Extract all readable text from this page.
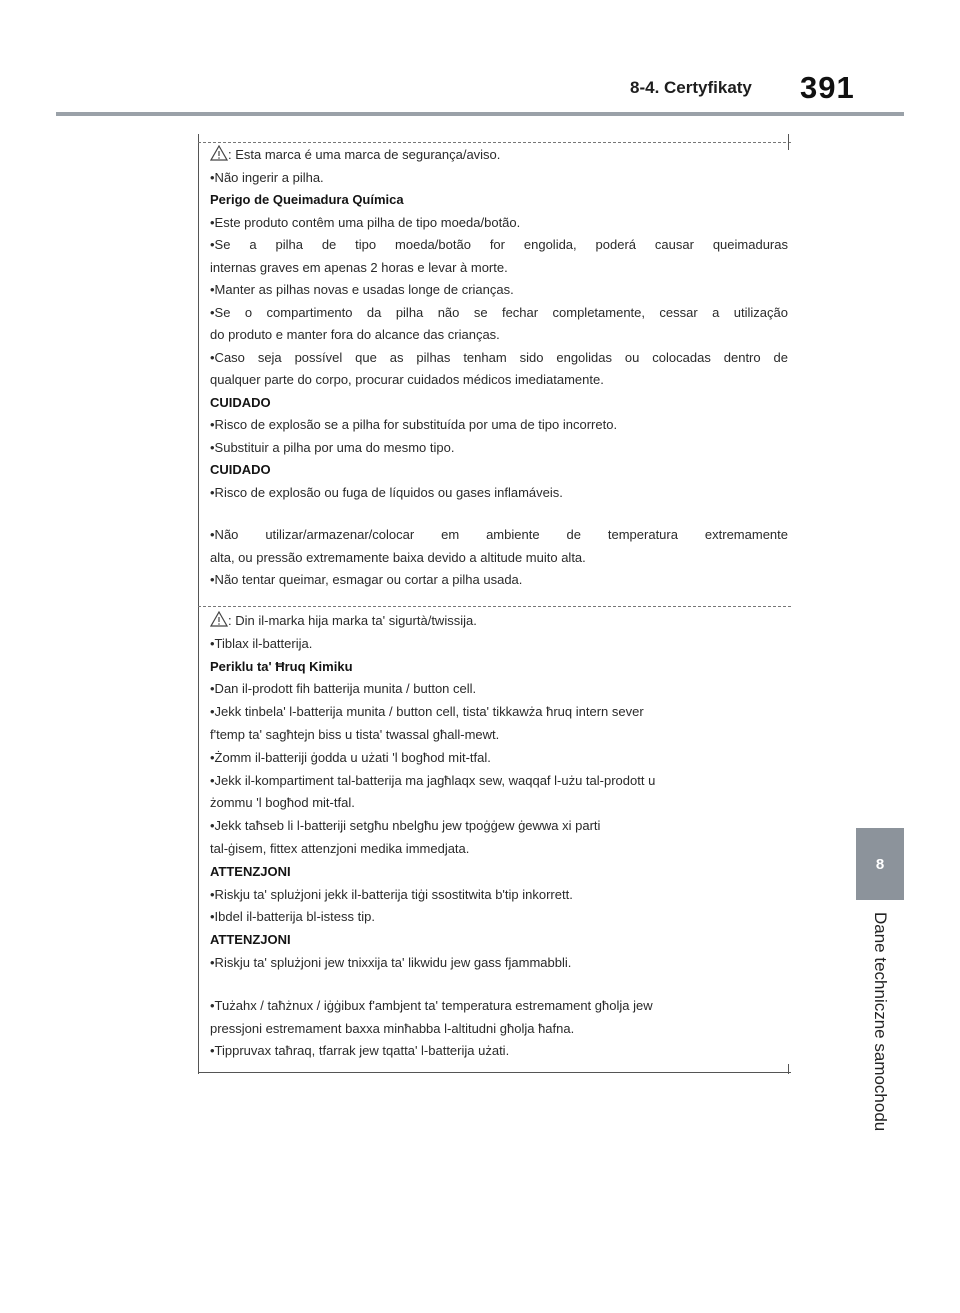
8-4. Certyfikaty 391
8
Dane techniczne samochodu
: Esta marca é uma marca de segurança/aviso.
•Não ingerir a pilha.
Perigo de Queimadura Química
•Este produto contêm uma pilha de tipo moeda/botão.
•Se a pilha de tipo moeda/botão for engolida, poderá causar queimaduras
internas graves em apenas 2 horas e levar à morte.
•Manter as pilhas novas e usadas longe de crianças.
•Se o compartimento da pilha não se fechar completamente, cessar a utilização
do produto e manter fora do alcance das crianças.
•Caso seja possível que as pilhas tenham sido engolidas ou colocadas dentro de
qualquer parte do corpo, procurar cuidados médicos imediatamente.
CUIDADO
•Risco de explosão se a pilha for substituída por uma de tipo incorreto.
•Substituir a pilha por uma do mesmo tipo.
CUIDADO
•Risco de explosão ou fuga de líquidos ou gases inflamáveis.
•Não utilizar/armazenar/colocar em ambiente de temperatura extremamente
alta, ou pressão extremamente baixa devido a altitude muito alta.
•Não tentar queimar, esmagar ou cortar a pilha usada.
: Din il-marka hija marka ta' sigurtà/twissija.
•Tiblax il-batterija.
Periklu ta' Ħruq Kimiku
•Dan il-prodott fih batterija munita / button cell.
•Jekk tinbela' l-batterija munita / button cell, tista' tikkawża ħruq intern sever
f'temp ta' sagħtejn biss u tista' twassal għall-mewt.
•Żomm il-batteriji ġodda u użati 'l bogħod mit-tfal.
•Jekk il-kompartiment tal-batterija ma jagħlaqx sew, waqqaf l-użu tal-prodott u
żommu 'l bogħod mit-tfal.
•Jekk taħseb li l-batteriji setgħu nbelgħu jew tpoġġew ġewwa xi parti
tal-ġisem, fittex attenzjoni medika immedjata.
ATTENZJONI
•Riskju ta' splużjoni jekk il-batterija tiġi ssostitwita b'tip inkorrett.
•Ibdel il-batterija bl-istess tip.
ATTENZJONI
•Riskju ta' splużjoni jew tnixxija ta' likwidu jew gass fjammabbli.
•Tużahx / taħżnux / iġġibux f'ambjent ta' temperatura estremament għolja jew
pressjoni estremament baxxa minħabba l-altitudni għolja ħafna.
•Tippruvax taħraq, tfarrak jew tqatta' l-batterija użati.
